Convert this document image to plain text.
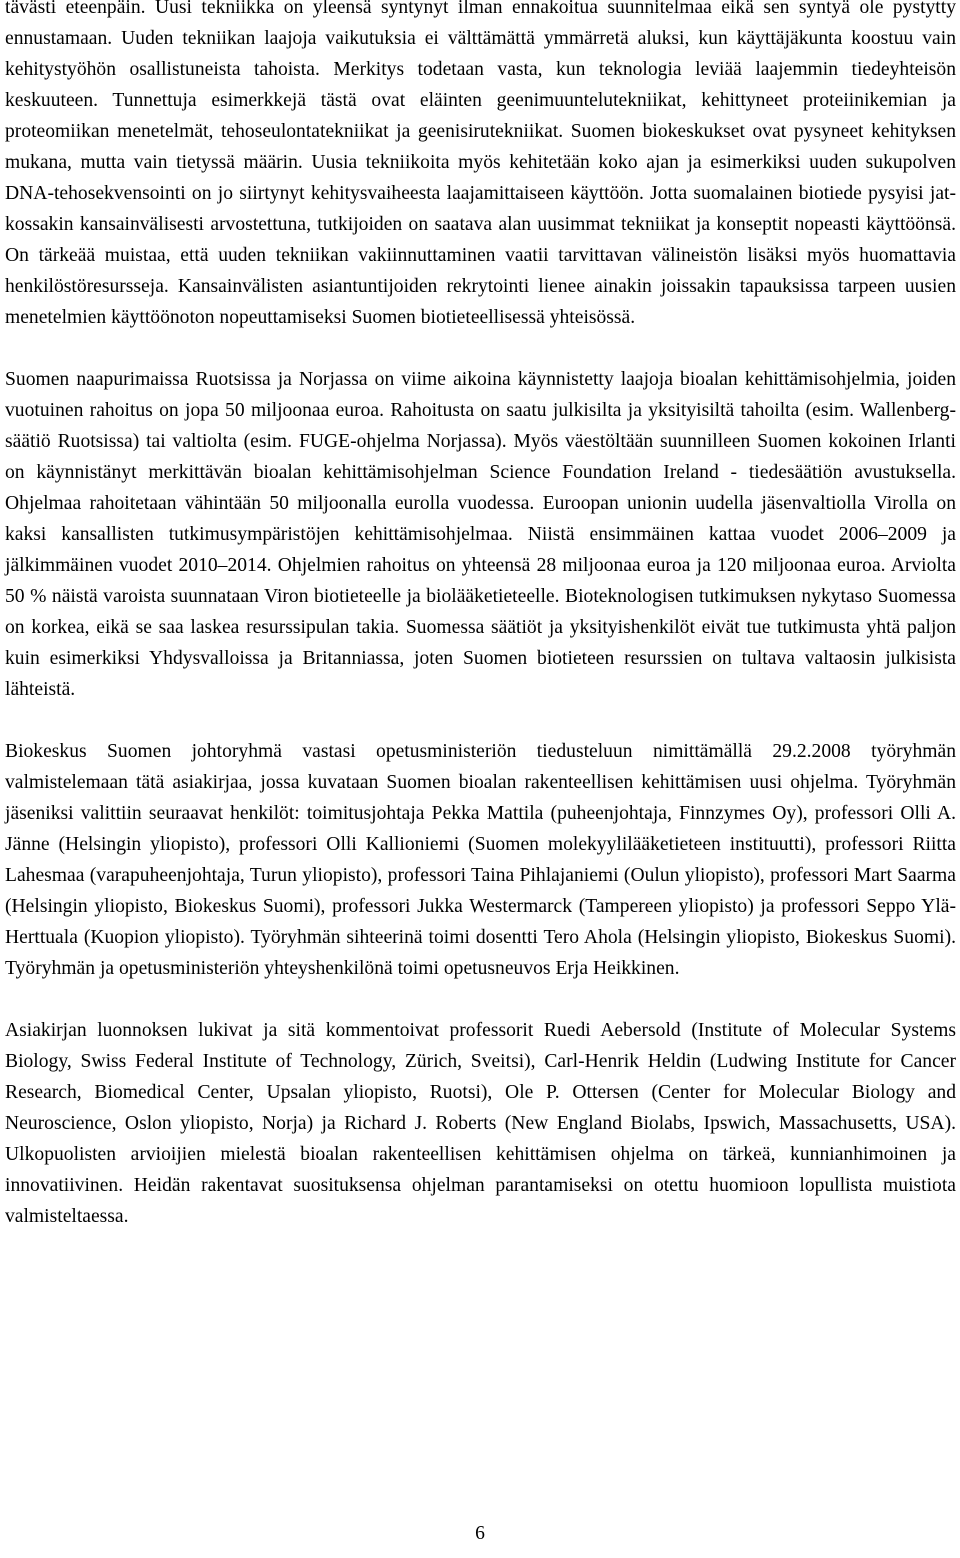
tävästi eteenpäin. Uusi tekniikka on yleensä syntynyt ilman ennakoitua suunnitelmaa eikä sen syntyä ole pystytty ennustamaan. Uuden tekniikan laajoja vaikutuksia ei välttämättä ymmärretä aluksi, kun käyttäjäkunta koostuu vain kehitystyöhön osallistuneista tahoista. Merkitys todetaan vasta, kun teknologia leviää laajemmin tiedeyhteisön keskuuteen. Tunnettuja esimerkkejä tästä ovat eläinten geenimuuntelutekniikat, kehittyneet proteiinikemian ja proteomiikan menetelmät, tehoseulontatekniikat ja geenisirutekniikat. Suomen biokeskukset ovat pysyneet kehityksen mukana, mutta vain tietyssä määrin. Uusia tekniikoita myös kehitetään koko ajan ja esimerkiksi uuden sukupolven DNA-tehosekvensointi on jo siirtynyt kehitysvaiheesta laajamittaiseen käyttöön. Jotta suomalainen biotiede pysyisi jatkossakin kansainvälisesti arvostettuna, tutkijoiden on saatava alan uusimmat tekniikat ja konseptit nopeasti käyttöönsä. On tärkeää muistaa, että uuden tekniikan vakiinnuttaminen vaatii tarvittavan välineistön lisäksi myös huomattavia henkilöstöresursseja. Kansainvälisten asiantuntijoiden rekrytointi lienee ainakin joissakin tapauksissa tarpeen uusien menetelmien käyttöönoton nopeuttamiseksi Suomen biotieteellisessä yhteisössä.

Suomen naapurimaissa Ruotsissa ja Norjassa on viime aikoina käynnistetty laajoja bioalan kehittämisohjelmia, joiden vuotuinen rahoitus on jopa 50 miljoonaa euroa. Rahoitusta on saatu julkisilta ja yksityisiltä tahoilta (esim. Wallenberg-säätiö Ruotsissa) tai valtiolta (esim. FUGE-ohjelma Norjassa). Myös väestöltään suunnilleen Suomen kokoinen Irlanti on käynnistänyt merkittävän bioalan kehittämisohjelman Science Foundation Ireland - tiedesäätiön avustuksella. Ohjelmaa rahoitetaan vähintään 50 miljoonalla eurolla vuodessa. Euroopan unionin uudella jäsenvaltiolla Virolla on kaksi kansallisten tutkimusympäristöjen kehittämisohjelmaa. Niistä ensimmäinen kattaa vuodet 2006–2009 ja jälkimmäinen vuodet 2010–2014. Ohjelmien rahoitus on yhteensä 28 miljoonaa euroa ja 120 miljoonaa euroa. Arviolta 50 % näistä varoista suunnataan Viron biotieteelle ja biolääketieteelle. Bioteknologisen tutkimuksen nykytaso Suomessa on korkea, eikä se saa laskea resurssipulan takia. Suomessa säätiöt ja yksityishenkilöt eivät tue tutkimusta yhtä paljon kuin esimerkiksi Yhdysvalloissa ja Britanniassa, joten Suomen biotieteen resurssien on tultava valtaosin julkisista lähteistä.

Biokeskus Suomen johtoryhmä vastasi opetusministeriön tiedusteluun nimittämällä 29.2.2008 työryhmän valmistelemaan tätä asiakirjaa, jossa kuvataan Suomen bioalan rakenteellisen kehittämisen uusi ohjelma. Työryhmän jäseniksi valittiin seuraavat henkilöt: toimitusjohtaja Pekka Mattila (puheenjohtaja, Finnzymes Oy), professori Olli A. Jänne (Helsingin yliopisto), professori Olli Kallioniemi (Suomen molekyylilääketieteen instituutti), professori Riitta Lahesmaa (varapuheenjohtaja, Turun yliopisto), professori Taina Pihlajaniemi (Oulun yliopisto), professori Mart Saarma (Helsingin yliopisto, Biokeskus Suomi), professori Jukka Westermarck (Tampereen yliopisto) ja professori Seppo Ylä-Herttuala (Kuopion yliopisto). Työryhmän sihteerinä toimi dosentti Tero Ahola (Helsingin yliopisto, Biokeskus Suomi). Työryhmän ja opetusministeriön yhteyshenkilönä toimi opetusneuvos Erja Heikkinen.

Asiakirjan luonnoksen lukivat ja sitä kommentoivat professorit Ruedi Aebersold (Institute of Molecular Systems Biology, Swiss Federal Institute of Technology, Zürich, Sveitsi), Carl-Henrik Heldin (Ludwing Institute for Cancer Research, Biomedical Center, Upsalan yliopisto, Ruotsi), Ole P. Ottersen (Center for Molecular Biology and Neuroscience, Oslon yliopisto, Norja) ja Richard J. Roberts (New England Biolabs, Ipswich, Massachusetts, USA). Ulkopuolisten arvioijien mielestä bioalan rakenteellisen kehittämisen ohjelma on tärkeä, kunnianhimoinen ja innovatiivinen. Heidän rakentavat suosituksensa ohjelman parantamiseksi on otettu huomioon lopullista muistiota valmisteltaessa.

6
